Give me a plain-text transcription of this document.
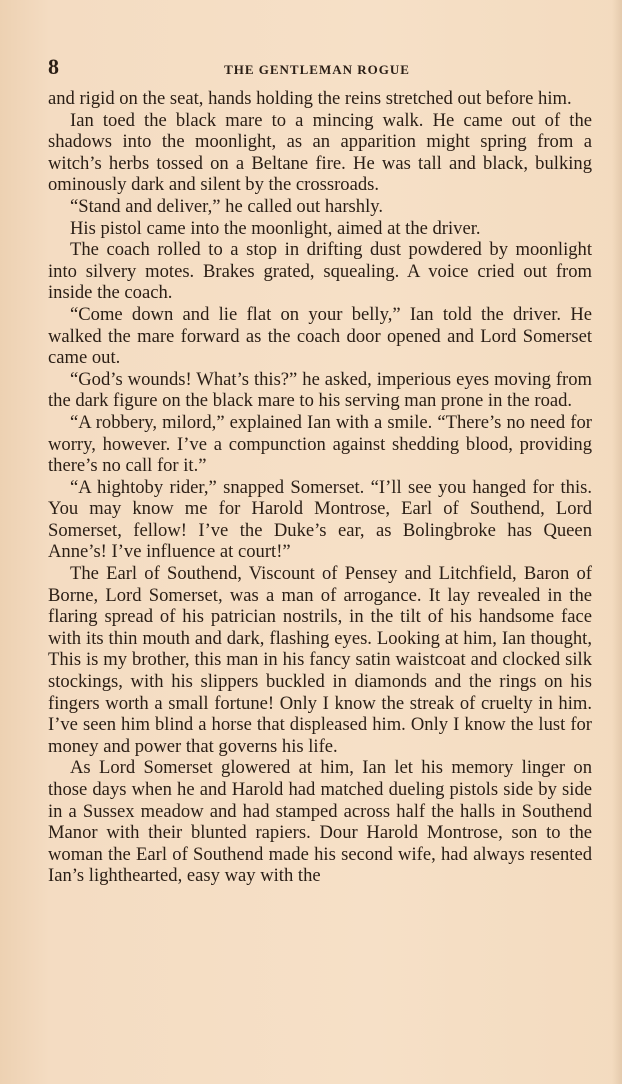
8	THE GENTLEMAN ROGUE

and rigid on the seat, hands holding the reins stretched out before him.

Ian toed the black mare to a mincing walk. He came out of the shadows into the moonlight, as an apparition might spring from a witch’s herbs tossed on a Beltane fire. He was tall and black, bulking ominously dark and silent by the crossroads.

“Stand and deliver,” he called out harshly.

His pistol came into the moonlight, aimed at the driver.

The coach rolled to a stop in drifting dust powdered by moonlight into silvery motes. Brakes grated, squealing. A voice cried out from inside the coach.

“Come down and lie flat on your belly,” Ian told the driver. He walked the mare forward as the coach door opened and Lord Somerset came out.

“God’s wounds! What’s this?” he asked, imperious eyes moving from the dark figure on the black mare to his serving man prone in the road.

“A robbery, milord,” explained Ian with a smile. “There’s no need for worry, however. I’ve a compunction against shedding blood, providing there’s no call for it.”

“A hightoby rider,” snapped Somerset. “I’ll see you hanged for this. You may know me for Harold Montrose, Earl of Southend, Lord Somerset, fellow! I’ve the Duke’s ear, as Bolingbroke has Queen Anne’s! I’ve influence at court!”

The Earl of Southend, Viscount of Pensey and Litchfield, Baron of Borne, Lord Somerset, was a man of arrogance. It lay revealed in the flaring spread of his patrician nostrils, in the tilt of his handsome face with its thin mouth and dark, flashing eyes. Looking at him, Ian thought, This is my brother, this man in his fancy satin waistcoat and clocked silk stockings, with his slippers buckled in diamonds and the rings on his fingers worth a small fortune! Only I know the streak of cruelty in him. I’ve seen him blind a horse that displeased him. Only I know the lust for money and power that governs his life.

As Lord Somerset glowered at him, Ian let his memory linger on those days when he and Harold had matched dueling pistols side by side in a Sussex meadow and had stamped across half the halls in Southend Manor with their blunted rapiers. Dour Harold Montrose, son to the woman the Earl of Southend made his second wife, had always resented Ian’s lighthearted, easy way with the
